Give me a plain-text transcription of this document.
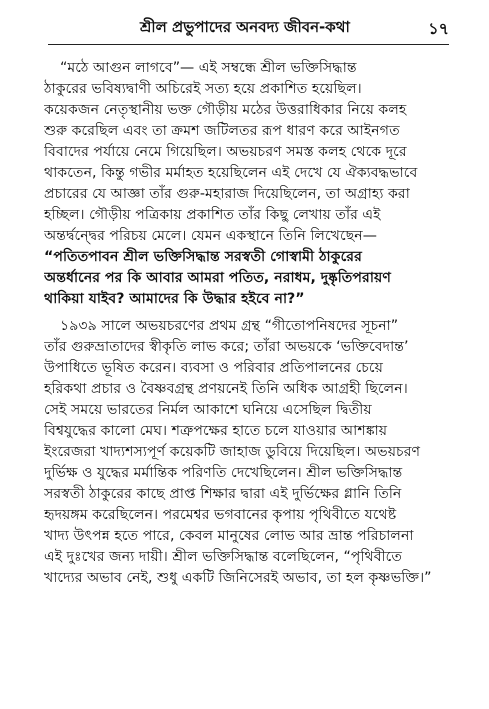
শ্রীল প্রভুপাদের অনবদ্য জীবন-কথা	১৭
“মঠে আগুন লাগবে”— এই সম্বন্ধে শ্রীল ভক্তিসিদ্ধান্ত
ঠাকুরের ভবিষ্যদ্বাণী অচিরেই সত্য হয়ে প্রকাশিত হয়েছিল।
কয়েকজন নেতৃস্থানীয় ভক্ত গৌড়ীয় মঠের উত্তরাধিকার নিয়ে কলহ
শুরু করেছিল এবং তা ক্রমশ জটিলতর রূপ ধারণ করে আইনগত
বিবাদের পর্যায়ে নেমে গিয়েছিল। অভয়চরণ সমস্ত কলহ থেকে দূরে
থাকতেন, কিন্তু গভীর মর্মাহত হয়েছিলেন এই দেখে যে ঐক্যবদ্ধভাবে
প্রচারের যে আজ্ঞা তাঁর গুরু-মহারাজ দিয়েছিলেন, তা অগ্রাহ্য করা
হচ্ছিল। গৌড়ীয় পত্রিকায় প্রকাশিত তাঁর কিছু লেখায় তাঁর এই
অন্তর্দ্বন্দ্বের পরিচয় মেলে। যেমন একস্থানে তিনি লিখেছেন—
“পতিতপাবন শ্রীল ভক্তিসিদ্ধান্ত সরস্বতী গোস্বামী ঠাকুরের
অন্তর্ধানের পর কি আবার আমরা পতিত, নরাধম, দুষ্কৃতিপরায়ণ
থাকিয়া যাইব? আমাদের কি উদ্ধার হইবে না?”
১৯৩৯ সালে অভয়চরণের প্রথম গ্রন্থ “গীতোপনিষদের সূচনা”
তাঁর গুরুভ্রাতাদের স্বীকৃতি লাভ করে; তাঁরা অভয়কে ‘ভক্তিবেদান্ত’
উপাধিতে ভূষিত করেন। ব্যবসা ও পরিবার প্রতিপালনের চেয়ে
হরিকথা প্রচার ও বৈষ্ণবগ্রন্থ প্রণয়নেই তিনি অধিক আগ্রহী ছিলেন।
সেই সময়ে ভারতের নির্মল আকাশে ঘনিয়ে এসেছিল দ্বিতীয়
বিশ্বযুদ্ধের কালো মেঘ। শত্রুপক্ষের হাতে চলে যাওয়ার আশঙ্কায়
ইংরেজরা খাদ্যশস্যপূর্ণ কয়েকটি জাহাজ ডুবিয়ে দিয়েছিল। অভয়চরণ
দুর্ভিক্ষ ও যুদ্ধের মর্মান্তিক পরিণতি দেখেছিলেন। শ্রীল ভক্তিসিদ্ধান্ত
সরস্বতী ঠাকুরের কাছে প্রাপ্ত শিক্ষার দ্বারা এই দুর্ভিক্ষের গ্লানি তিনি
হৃদয়ঙ্গম করেছিলেন। পরমেশ্বর ভগবানের কৃপায় পৃথিবীতে যথেষ্ট
খাদ্য উৎপন্ন হতে পারে, কেবল মানুষের লোভ আর ভ্রান্ত পরিচালনা
এই দুঃখের জন্য দায়ী। শ্রীল ভক্তিসিদ্ধান্ত বলেছিলেন, “পৃথিবীতে
খাদ্যের অভাব নেই, শুধু একটি জিনিসেরই অভাব, তা হল কৃষ্ণভক্তি।”
